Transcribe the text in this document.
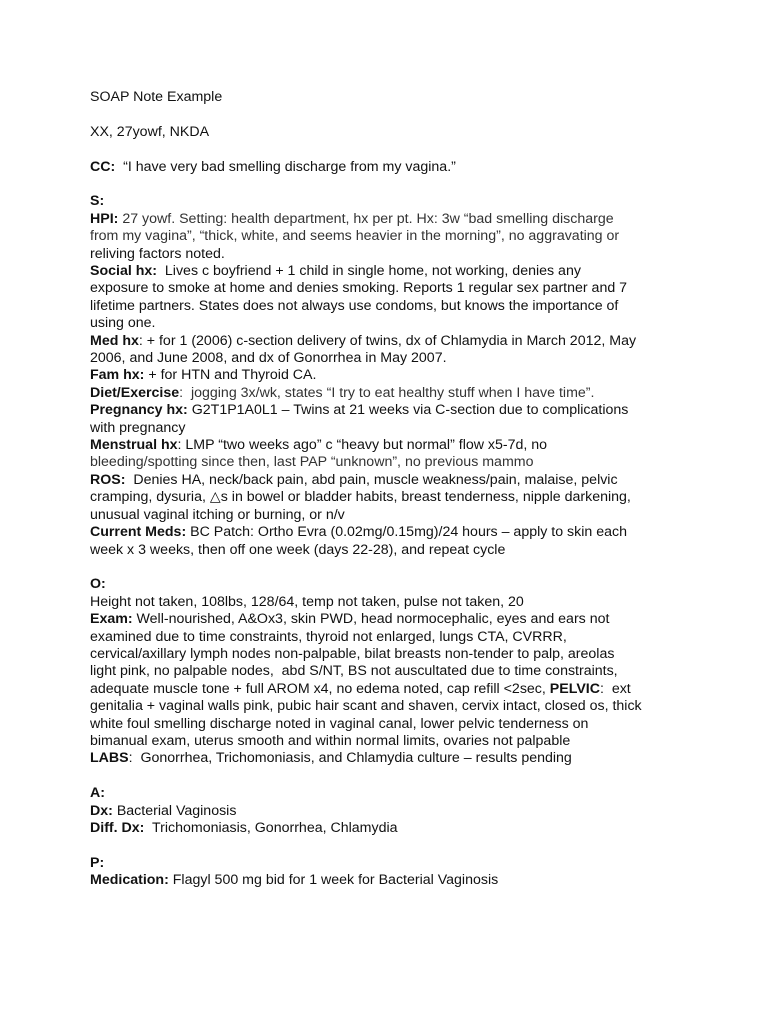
SOAP Note Example

XX, 27yowf, NKDA

CC:  “I have very bad smelling discharge from my vagina.”

S:

HPI: 27 yowf. Setting: health department, hx per pt. Hx: 3w “bad smelling discharge

from my vagina”, “thick, white, and seems heavier in the morning”, no aggravating or

reliving factors noted.

Social hx:  Lives c boyfriend + 1 child in single home, not working, denies any

exposure to smoke at home and denies smoking. Reports 1 regular sex partner and 7

lifetime partners. States does not always use condoms, but knows the importance of

using one.

Med hx: + for 1 (2006) c-section delivery of twins, dx of Chlamydia in March 2012, May

2006, and June 2008, and dx of Gonorrhea in May 2007.

Fam hx: + for HTN and Thyroid CA.

Diet/Exercise:  jogging 3x/wk, states “I try to eat healthy stuff when I have time”.

Pregnancy hx: G2T1P1A0L1 – Twins at 21 weeks via C-section due to complications

with pregnancy

Menstrual hx: LMP “two weeks ago” c “heavy but normal” flow x5-7d, no

bleeding/spotting since then, last PAP “unknown”, no previous mammo

ROS:  Denies HA, neck/back pain, abd pain, muscle weakness/pain, malaise, pelvic

cramping, dysuria, △s in bowel or bladder habits, breast tenderness, nipple darkening,

unusual vaginal itching or burning, or n/v

Current Meds: BC Patch: Ortho Evra (0.02mg/0.15mg)/24 hours – apply to skin each

week x 3 weeks, then off one week (days 22-28), and repeat cycle

O:

Height not taken, 108lbs, 128/64, temp not taken, pulse not taken, 20

Exam: Well-nourished, A&Ox3, skin PWD, head normocephalic, eyes and ears not

examined due to time constraints, thyroid not enlarged, lungs CTA, CVRRR,

cervical/axillary lymph nodes non-palpable, bilat breasts non-tender to palp, areolas

light pink, no palpable nodes,  abd S/NT, BS not auscultated due to time constraints,

adequate muscle tone + full AROM x4, no edema noted, cap refill <2sec, PELVIC:  ext

genitalia + vaginal walls pink, pubic hair scant and shaven, cervix intact, closed os, thick

white foul smelling discharge noted in vaginal canal, lower pelvic tenderness on

bimanual exam, uterus smooth and within normal limits, ovaries not palpable

LABS:  Gonorrhea, Trichomoniasis, and Chlamydia culture – results pending

A:

Dx: Bacterial Vaginosis

Diff. Dx:  Trichomoniasis, Gonorrhea, Chlamydia

P:

Medication: Flagyl 500 mg bid for 1 week for Bacterial Vaginosis
